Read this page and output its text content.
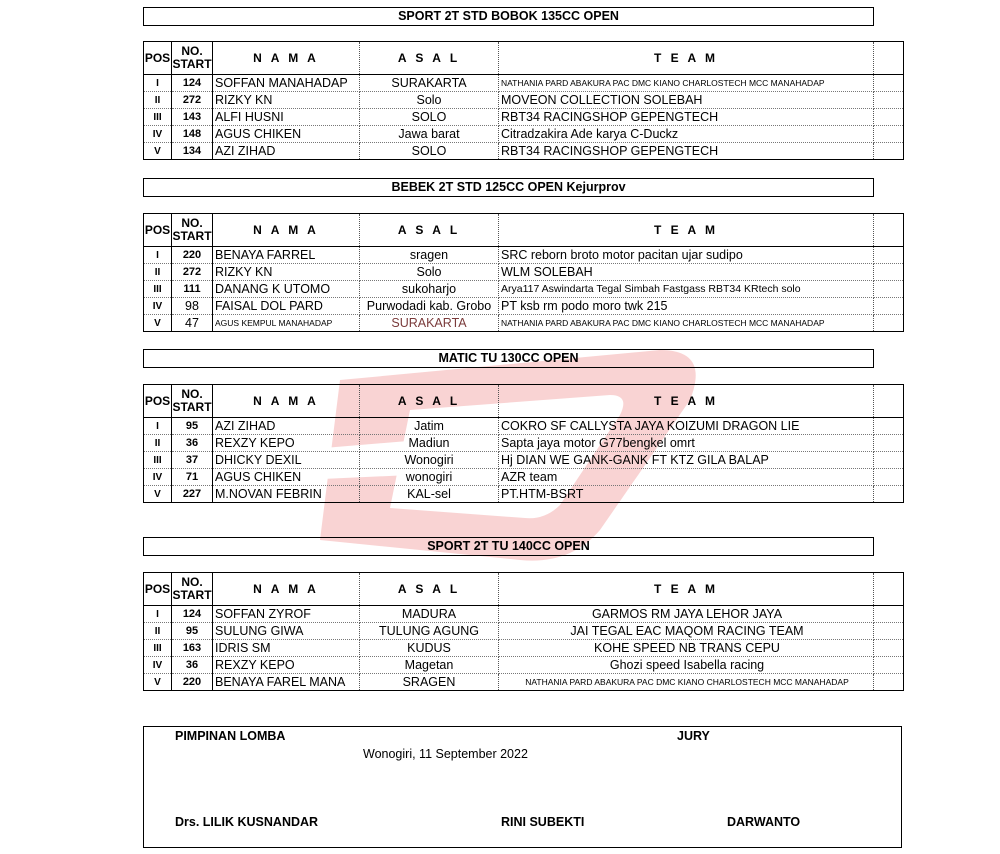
SPORT 2T STD BOBOK 135CC OPEN
POS	NO. START	N A M A	A S A L	T E A M	
I	124	SOFFAN MANAHADAP	SURAKARTA	NATHANIA PARD ABAKURA PAC DMC KIANO CHARLOSTECH MCC MANAHADAP	
II	272	RIZKY KN	Solo	MOVEON COLLECTION SOLEBAH	
III	143	ALFI HUSNI	SOLO	RBT34 RACINGSHOP GEPENGTECH	
IV	148	AGUS CHIKEN	Jawa barat	Citradzakira Ade karya C-Duckz	
V	134	AZI ZIHAD	SOLO	RBT34 RACINGSHOP GEPENGTECH	
BEBEK 2T STD 125CC OPEN Kejurprov
POS	NO. START	N A M A	A S A L	T E A M	
I	220	BENAYA FARREL	sragen	SRC reborn broto motor pacitan ujar sudipo	
II	272	RIZKY KN	Solo	WLM SOLEBAH	
III	111	DANANG K UTOMO	sukoharjo	Arya117 Aswindarta Tegal Simbah Fastgass RBT34 KRtech solo	
IV	98	FAISAL DOL PARD	Purwodadi kab. Grobo	PT ksb rm podo moro twk 215	
V	47	AGUS KEMPUL MANAHADAP	SURAKARTA	NATHANIA PARD ABAKURA PAC DMC KIANO CHARLOSTECH MCC MANAHADAP	
MATIC TU 130CC OPEN
POS	NO. START	N A M A	A S A L	T E A M	
I	95	AZI ZIHAD	Jatim	COKRO SF CALLYSTA JAYA KOIZUMI DRAGON LIE	
II	36	REXZY KEPO	Madiun	Sapta jaya motor G77bengkel omrt	
III	37	DHICKY DEXIL	Wonogiri	Hj DIAN WE GANK-GANK FT KTZ GILA BALAP	
IV	71	AGUS CHIKEN	wonogiri	AZR team	
V	227	M.NOVAN FEBRIN	KAL-sel	PT.HTM-BSRT	
SPORT 2T TU 140CC OPEN
POS	NO. START	N A M A	A S A L	T E A M	
I	124	SOFFAN ZYROF	MADURA	GARMOS RM JAYA LEHOR JAYA	
II	95	SULUNG GIWA	TULUNG AGUNG	JAI TEGAL EAC MAQOM RACING TEAM	
III	163	IDRIS SM	KUDUS	KOHE SPEED NB TRANS CEPU	
IV	36	REXZY KEPO	Magetan	Ghozi speed Isabella racing	
V	220	BENAYA FAREL MANA	SRAGEN	NATHANIA PARD ABAKURA PAC DMC KIANO CHARLOSTECH MCC MANAHADAP	
PIMPINAN LOMBA	JURY
Wonogiri, 11 September 2022
Drs. LILIK KUSNANDAR	RINI SUBEKTI	DARWANTO
